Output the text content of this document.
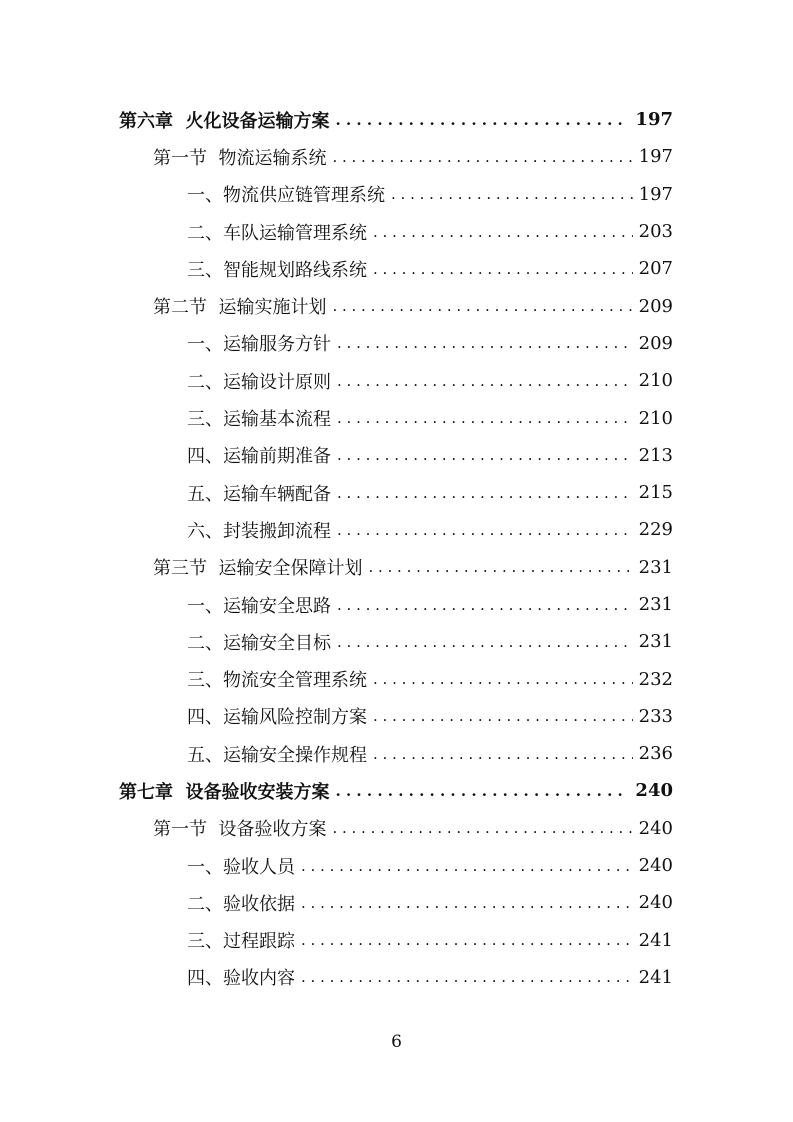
第六章  火化设备运输方案 . . .	197
第一节  物流运输系统 . . .	197
一、物流供应链管理系统 . . .	197
二、车队运输管理系统 . . .	203
三、智能规划路线系统 . . .	207
第二节  运输实施计划 . . .	209
一、运输服务方针 . . .	209
二、运输设计原则 . . .	210
三、运输基本流程 . . .	210
四、运输前期准备 . . .	213
五、运输车辆配备 . . .	215
六、封装搬卸流程 . . .	229
第三节  运输安全保障计划 . . .	231
一、运输安全思路 . . .	231
二、运输安全目标 . . .	231
三、物流安全管理系统 . . .	232
四、运输风险控制方案 . . .	233
五、运输安全操作规程 . . .	236
第七章  设备验收安装方案 . . .	240
第一节  设备验收方案 . . .	240
一、验收人员 . . .	240
二、验收依据 . . .	240
三、过程跟踪 . . .	241
四、验收内容 . . .	241
6
